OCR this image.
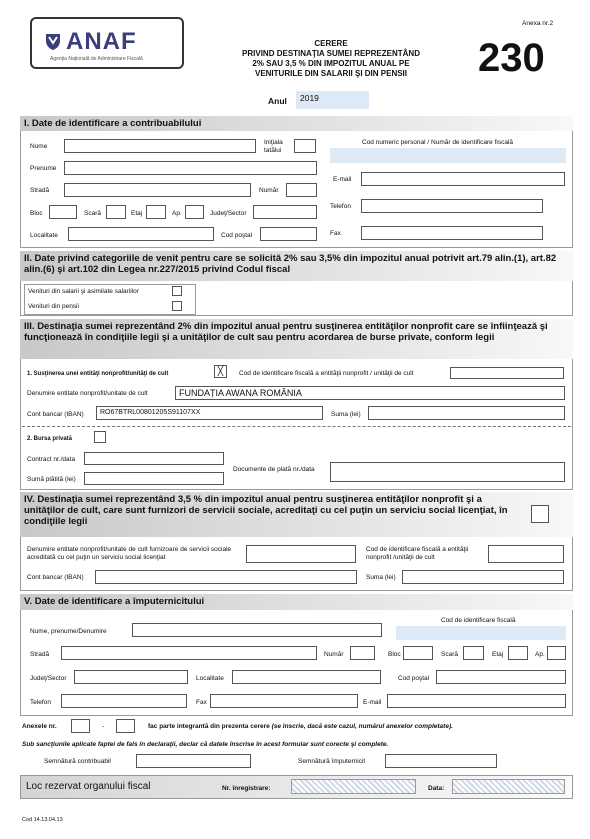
ANAF
Agenţia Naţională de Administrare Fiscală
CERERE
PRIVIND DESTINAŢIA SUMEI REPREZENTÂND
2% SAU 3,5 % DIN IMPOZITUL ANUAL PE
VENITURILE DIN SALARII ŞI DIN PENSII
Anexa nr.2
230
Anul	2019
I. Date de identificare a contribuabilului
Nume
Iniţiala tatălui
Prenume
Stradă	Număr
Bloc	Scară	Etaj	Ap.	Judeţ/Sector
Localitate	Cod poştal
Cod numeric personal / Număr de identificare fiscală
E-mail
Telefon
Fax
II. Date privind categoriile de venit pentru care se solicită 2% sau 3,5% din impozitul anual potrivit art.79 alin.(1), art.82 alin.(6) şi art.102 din Legea nr.227/2015 privind Codul fiscal
Venituri din salarii şi asimilate salariilor
Venituri din pensii
III. Destinaţia sumei reprezentând 2% din impozitul anual pentru susţinerea entităţilor nonprofit care se înfiinţează şi funcţionează în condiţiile legii şi a unităţilor de cult sau pentru acordarea de burse private, conform legii
1. Susţinerea unei entităţi nonprofit/unităţi de cult	╳	Cod de identificare fiscală a entităţii nonprofit / unităţii de cult
Denumire entitate nonprofit/unitate de cult	FUNDAȚIA AWANA ROMÂNIA
Cont bancar (IBAN)	RO67BTRL00801205S91107XX	Suma (lei)
2. Bursa privată
Contract nr./data
Sumă plătită (lei)
Documente de plată nr./data
IV. Destinaţia sumei reprezentând 3,5 % din impozitul anual pentru susţinerea entităţilor nonprofit şi a unităţilor de cult, care sunt furnizori de servicii sociale, acreditaţi cu cel puţin un serviciu social licenţiat, în condiţiile legii
Denumire entitate nonprofit/unitate de cult furnizoare de servicii sociale acreditată cu cel puţin un serviciu social licenţiat
Cod de identificare fiscală a entităţii nonprofit /unităţii de cult
Cont bancar (IBAN)	Suma (lei)
V. Date de identificare a împuternicitului
Cod de identificare fiscală
Nume, prenume/Denumire
Stradă	Număr	Bloc	Scară	Etaj	Ap.
Judeţ/Sector	Localitate	Cod poştal
Telefon	Fax	E-mail
Anexele nr.	-	fac parte integrantă din prezenta cerere (se înscrie, dacă este cazul, numărul anexelor completate).
Sub sancţiunile aplicate faptei de fals în declaraţii, declar că datele înscrise în acest formular sunt corecte şi complete.
Semnătură contribuabil	Semnătură împuternicit
Loc rezervat organului fiscal	Nr. înregistrare:	Data:
Cod 14.13.04.13
